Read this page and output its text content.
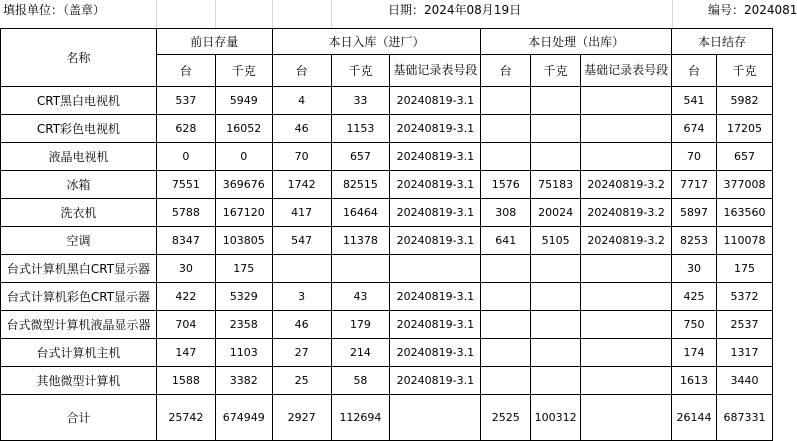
填报单位：（盖章）	日期：2024年08月19日	编号：2024081
名称	前日存量		本日入库（进厂）			本日处理（出库）			本日结存	
	台	千克	台	千克	基础记录表号段	台	千克	基础记录表号段	台	千克
CRT黑白电视机	537	5949	4	33	20240819-3.1				541	5982
CRT彩色电视机	628	16052	46	1153	20240819-3.1				674	17205
液晶电视机	0	0	70	657	20240819-3.1				70	657
冰箱	7551	369676	1742	82515	20240819-3.1	1576	75183	20240819-3.2	7717	377008
洗衣机	5788	167120	417	16464	20240819-3.1	308	20024	20240819-3.2	5897	163560
空调	8347	103805	547	11378	20240819-3.1	641	5105	20240819-3.2	8253	110078
台式计算机黑白CRT显示器	30	175							30	175
台式计算机彩色CRT显示器	422	5329	3	43	20240819-3.1				425	5372
台式微型计算机液晶显示器	704	2358	46	179	20240819-3.1				750	2537
台式计算机主机	147	1103	27	214	20240819-3.1				174	1317
其他微型计算机	1588	3382	25	58	20240819-3.1				1613	3440
合计	25742	674949	2927	112694		2525	100312		26144	687331
